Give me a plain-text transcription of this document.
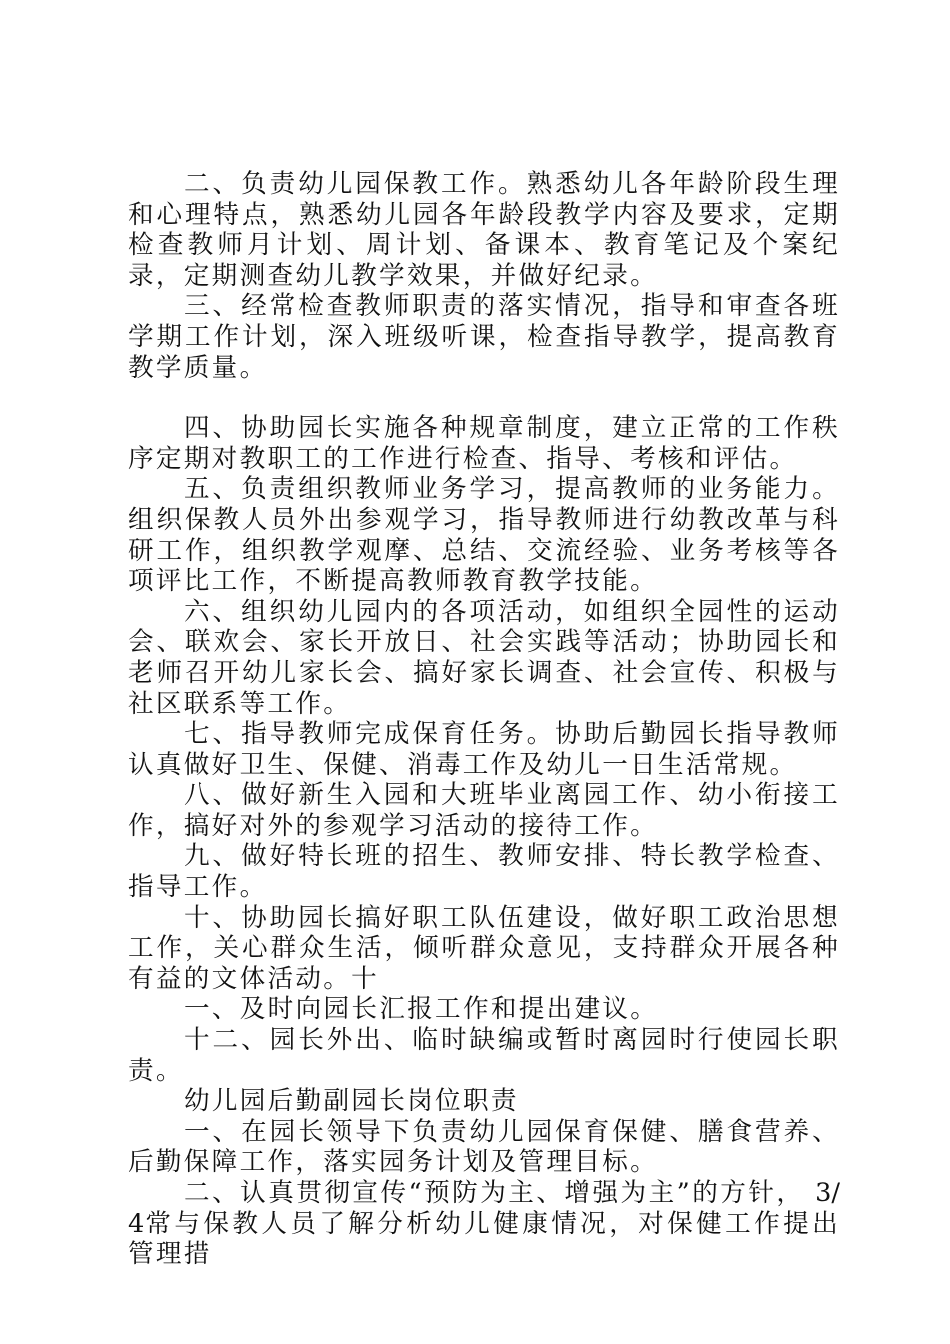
二、负责幼儿园保教工作。熟悉幼儿各年龄阶段生理和心理特点，熟悉幼儿园各年龄段教学内容及要求，定期检查教师月计划、周计划、备课本、教育笔记及个案纪录，定期测查幼儿教学效果，并做好纪录。

三、经常检查教师职责的落实情况，指导和审查各班学期工作计划，深入班级听课，检查指导教学，提高教育教学质量。

四、协助园长实施各种规章制度，建立正常的工作秩序定期对教职工的工作进行检查、指导、考核和评估。

五、负责组织教师业务学习，提高教师的业务能力。组织保教人员外出参观学习，指导教师进行幼教改革与科研工作，组织教学观摩、总结、交流经验、业务考核等各项评比工作，不断提高教师教育教学技能。

六、组织幼儿园内的各项活动，如组织全园性的运动会、联欢会、家长开放日、社会实践等活动；协助园长和老师召开幼儿家长会、搞好家长调查、社会宣传、积极与社区联系等工作。

七、指导教师完成保育任务。协助后勤园长指导教师认真做好卫生、保健、消毒工作及幼儿一日生活常规。

八、做好新生入园和大班毕业离园工作、幼小衔接工作，搞好对外的参观学习活动的接待工作。

九、做好特长班的招生、教师安排、特长教学检查、指导工作。

十、协助园长搞好职工队伍建设，做好职工政治思想工作，关心群众生活，倾听群众意见，支持群众开展各种有益的文体活动。十

一、及时向园长汇报工作和提出建议。

十二、园长外出、临时缺编或暂时离园时行使园长职责。

幼儿园后勤副园长岗位职责

一、在园长领导下负责幼儿园保育保健、膳食营养、后勤保障工作，落实园务计划及管理目标。

二、认真贯彻宣传“预防为主、增强为主”的方针， 3/4常与保教人员了解分析幼儿健康情况，对保健工作提出管理措
